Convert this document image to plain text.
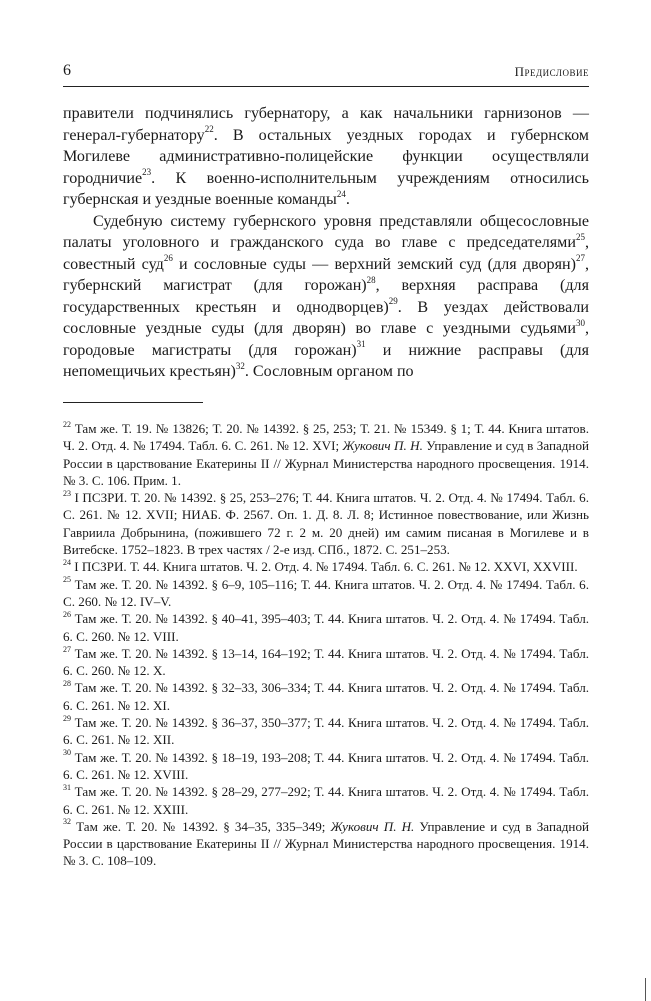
6	Предисловие

правители подчинялись губернатору, а как начальники гарнизонов — генерал-губернатору$^{22}$. В остальных уездных городах и губернском Могилеве административно-полицейские функции осуществляли городничие$^{23}$. К военно-исполнительным учреждениям относились губернская и уездные военные команды$^{24}$.

Судебную систему губернского уровня представляли общесословные палаты уголовного и гражданского суда во главе с председателями$^{25}$, совестный суд$^{26}$ и сословные суды — верхний земский суд (для дворян)$^{27}$, губернский магистрат (для горожан)$^{28}$, верхняя расправа (для государственных крестьян и однодворцев)$^{29}$. В уездах действовали сословные уездные суды (для дворян) во главе с уездными судьями$^{30}$, городовые магистраты (для горожан)$^{31}$ и нижние расправы (для непомещичьих крестьян)$^{32}$. Сословным органом по

$^{22}$ Там же. Т. 19. № 13826; Т. 20. № 14392. § 25, 253; Т. 21. № 15349. § 1; Т. 44. Книга штатов. Ч. 2. Отд. 4. № 17494. Табл. 6. С. 261. № 12. XVI; Жукович П. Н. Управление и суд в Западной России в царствование Екатерины II // Журнал Министерства народного просвещения. 1914. № 3. С. 106. Прим. 1.

$^{23}$ I ПСЗРИ. Т. 20. № 14392. § 25, 253–276; Т. 44. Книга штатов. Ч. 2. Отд. 4. № 17494. Табл. 6. С. 261. № 12. XVII; НИАБ. Ф. 2567. Оп. 1. Д. 8. Л. 8; Истинное повествование, или Жизнь Гавриила Добрынина, (пожившего 72 г. 2 м. 20 дней) им самим писаная в Могилеве и в Витебске. 1752–1823. В трех частях / 2-е изд. СПб., 1872. С. 251–253.

$^{24}$ I ПСЗРИ. Т. 44. Книга штатов. Ч. 2. Отд. 4. № 17494. Табл. 6. С. 261. № 12. XXVI, XXVIII.

$^{25}$ Там же. Т. 20. № 14392. § 6–9, 105–116; Т. 44. Книга штатов. Ч. 2. Отд. 4. № 17494. Табл. 6. С. 260. № 12. IV–V.

$^{26}$ Там же. Т. 20. № 14392. § 40–41, 395–403; Т. 44. Книга штатов. Ч. 2. Отд. 4. № 17494. Табл. 6. С. 260. № 12. VIII.

$^{27}$ Там же. Т. 20. № 14392. § 13–14, 164–192; Т. 44. Книга штатов. Ч. 2. Отд. 4. № 17494. Табл. 6. С. 260. № 12. X.

$^{28}$ Там же. Т. 20. № 14392. § 32–33, 306–334; Т. 44. Книга штатов. Ч. 2. Отд. 4. № 17494. Табл. 6. С. 261. № 12. XI.

$^{29}$ Там же. Т. 20. № 14392. § 36–37, 350–377; Т. 44. Книга штатов. Ч. 2. Отд. 4. № 17494. Табл. 6. С. 261. № 12. XII.

$^{30}$ Там же. Т. 20. № 14392. § 18–19, 193–208; Т. 44. Книга штатов. Ч. 2. Отд. 4. № 17494. Табл. 6. С. 261. № 12. XVIII.

$^{31}$ Там же. Т. 20. № 14392. § 28–29, 277–292; Т. 44. Книга штатов. Ч. 2. Отд. 4. № 17494. Табл. 6. С. 261. № 12. XXIII.

$^{32}$ Там же. Т. 20. № 14392. § 34–35, 335–349; Жукович П. Н. Управление и суд в Западной России в царствование Екатерины II // Журнал Министерства народного просвещения. 1914. № 3. С. 108–109.
